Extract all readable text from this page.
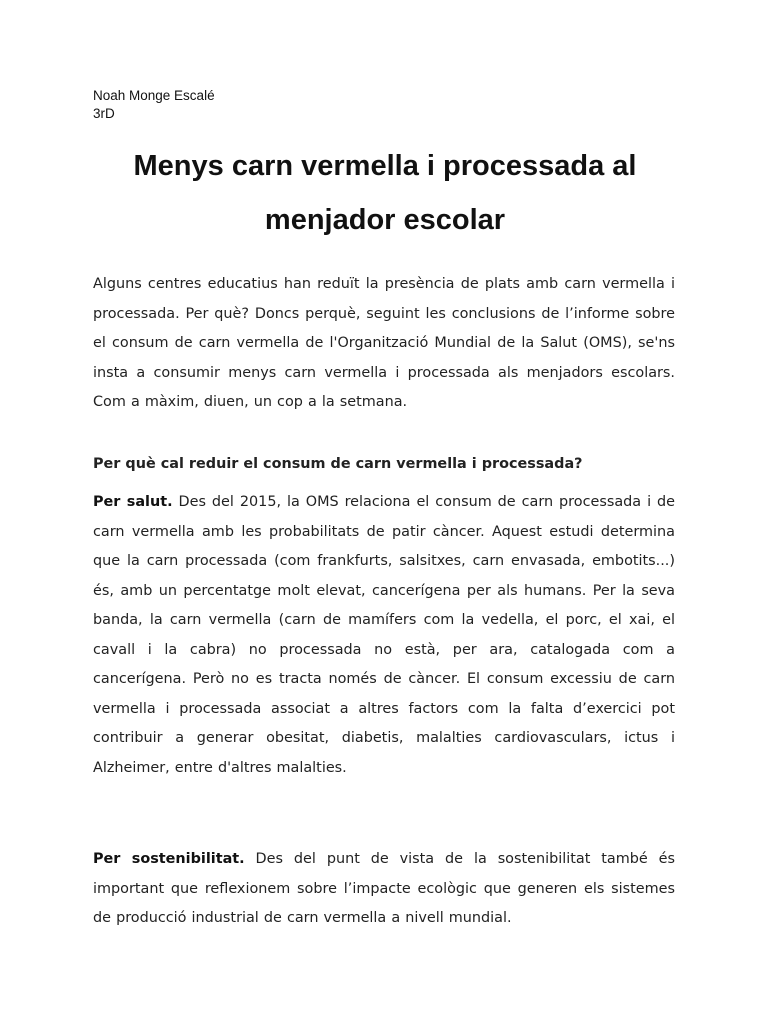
Noah Monge Escalé
3rD
Menys carn vermella i processada al menjador escolar

Alguns centres educatius han reduït la presència de plats amb carn vermella i processada. Per què? Doncs perquè, seguint les conclusions de l’informe sobre el consum de carn vermella de l'Organització Mundial de la Salut (OMS), se'ns insta a consumir menys carn vermella i processada als menjadors escolars. Com a màxim, diuen, un cop a la setmana.

Per què cal reduir el consum de carn vermella i processada?

Per salut. Des del 2015, la OMS relaciona el consum de carn processada i de carn vermella amb les probabilitats de patir càncer. Aquest estudi determina que la carn processada (com frankfurts, salsitxes, carn envasada, embotits...) és, amb un percentatge molt elevat, cancerígena per als humans. Per la seva banda, la carn vermella (carn de mamífers com la vedella, el porc, el xai, el cavall i la cabra) no processada no està, per ara, catalogada com a cancerígena. Però no es tracta només de càncer. El consum excessiu de carn vermella i processada associat a altres factors com la falta d’exercici pot contribuir a generar obesitat, diabetis, malalties cardiovasculars, ictus i Alzheimer, entre d'altres malalties.

Per sostenibilitat. Des del punt de vista de la sostenibilitat també és important que reflexionem sobre l’impacte ecològic que generen els sistemes de producció industrial de carn vermella a nivell mundial.
